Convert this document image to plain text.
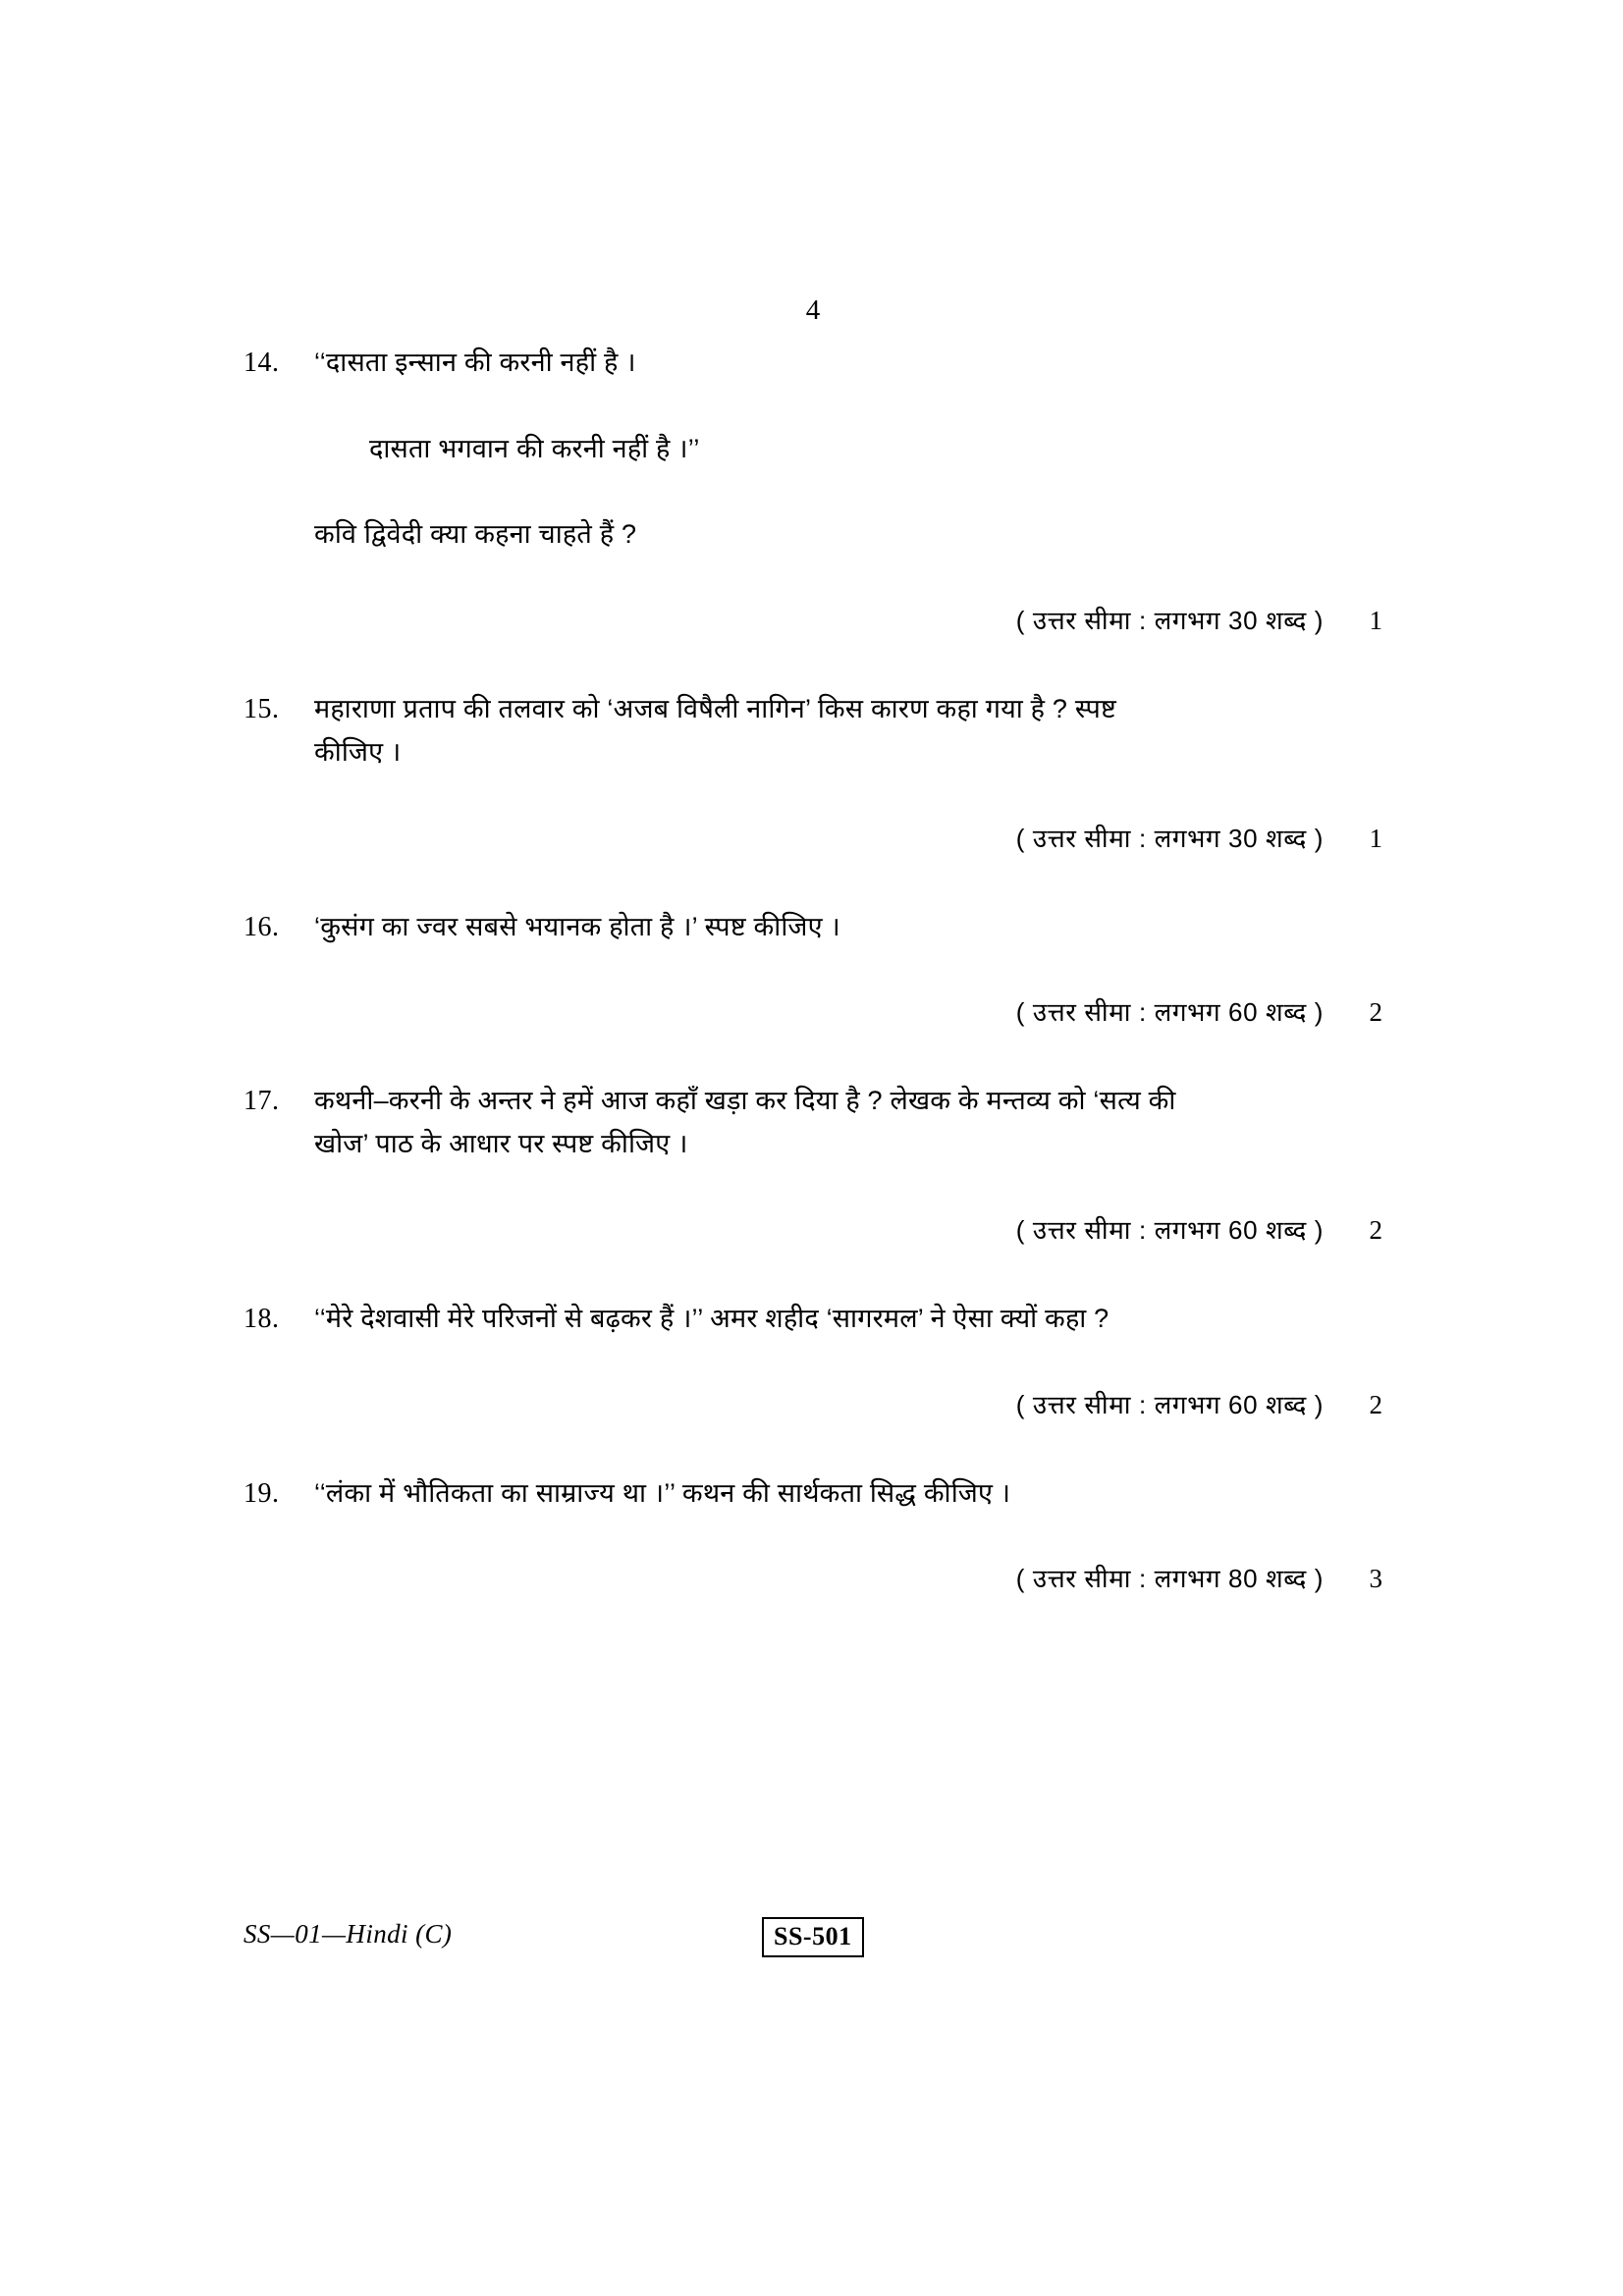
4
14.	‘‘दासता इन्सान की करनी नहीं है ।
दासता भगवान की करनी नहीं है ।’’
कवि द्विवेदी क्या कहना चाहते हैं ?
( उत्तर सीमा : लगभग 30 शब्द )	1
15.	महाराणा प्रताप की तलवार को ‘अजब विषैली नागिन’ किस कारण कहा गया है ? स्पष्ट
कीजिए ।
( उत्तर सीमा : लगभग 30 शब्द )	1
16.	‘कुसंग का ज्वर सबसे भयानक होता है ।’ स्पष्ट कीजिए ।
( उत्तर सीमा : लगभग 60 शब्द )	2
17.	कथनी–करनी के अन्तर ने हमें आज कहाँ खड़ा कर दिया है ? लेखक के मन्तव्य को ‘सत्य की
खोज’ पाठ के आधार पर स्पष्ट कीजिए ।
( उत्तर सीमा : लगभग 60 शब्द )	2
18.	‘‘मेरे देशवासी मेरे परिजनों से बढ़कर हैं ।’’ अमर शहीद ‘सागरमल’ ने ऐसा क्यों कहा ?
( उत्तर सीमा : लगभग 60 शब्द )	2
19.	‘‘लंका में भौतिकता का साम्राज्य था ।’’ कथन की सार्थकता सिद्ध कीजिए ।
( उत्तर सीमा : लगभग 80 शब्द )	3
SS—01—Hindi (C)	SS-501
